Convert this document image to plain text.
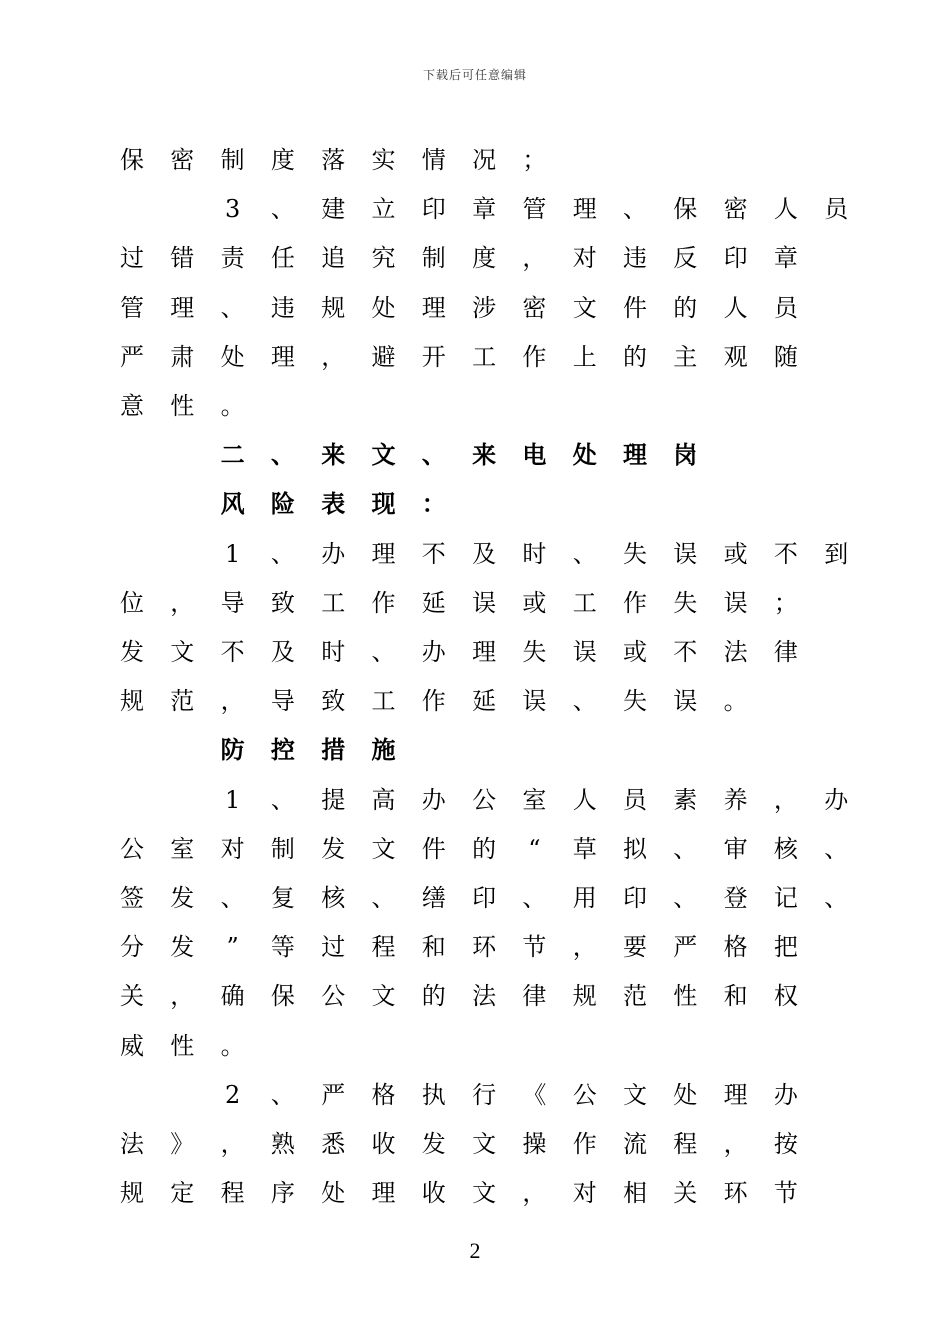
下载后可任意编辑
保 密 制 度 落 实 情 况 ；
3	、 建 立 印 章 管 理 、 保 密 人 员
过 错 责 任 追 究 制 度 ， 对 违 反 印 章
管 理 、 违 规 处 理 涉 密 文 件 的 人 员
严 肃 处 理 ， 避 开 工 作 上 的 主 观 随
意 性 。
二 、 来 文 、 来 电 处 理 岗
风 险 表 现 ：
1	、 办 理 不 及 时 、 失 误 或 不 到
位 ， 导 致 工 作 延 误 或 工 作 失 误 ；
发 文 不 及 时 、 办 理 失 误 或 不 法 律
规 范 ， 导 致 工 作 延 误 、 失 误 。
防 控 措 施
1	、 提 高 办 公 室 人 员 素 养 ， 办
公 室 对 制 发 文 件 的	“	草 拟 、 审 核 、
签 发 、 复 核 、 缮 印 、 用 印 、 登 记 、
分 发	”	等 过 程 和 环 节 ， 要 严 格 把
关 ， 确 保 公 文 的 法 律 规 范 性 和 权
威 性 。
2	、 严 格 执 行 《 公 文 处 理 办
法 》 ， 熟 悉 收 发 文 操 作 流 程 ， 按
规 定 程 序 处 理 收 文 ， 对 相 关 环 节
2
